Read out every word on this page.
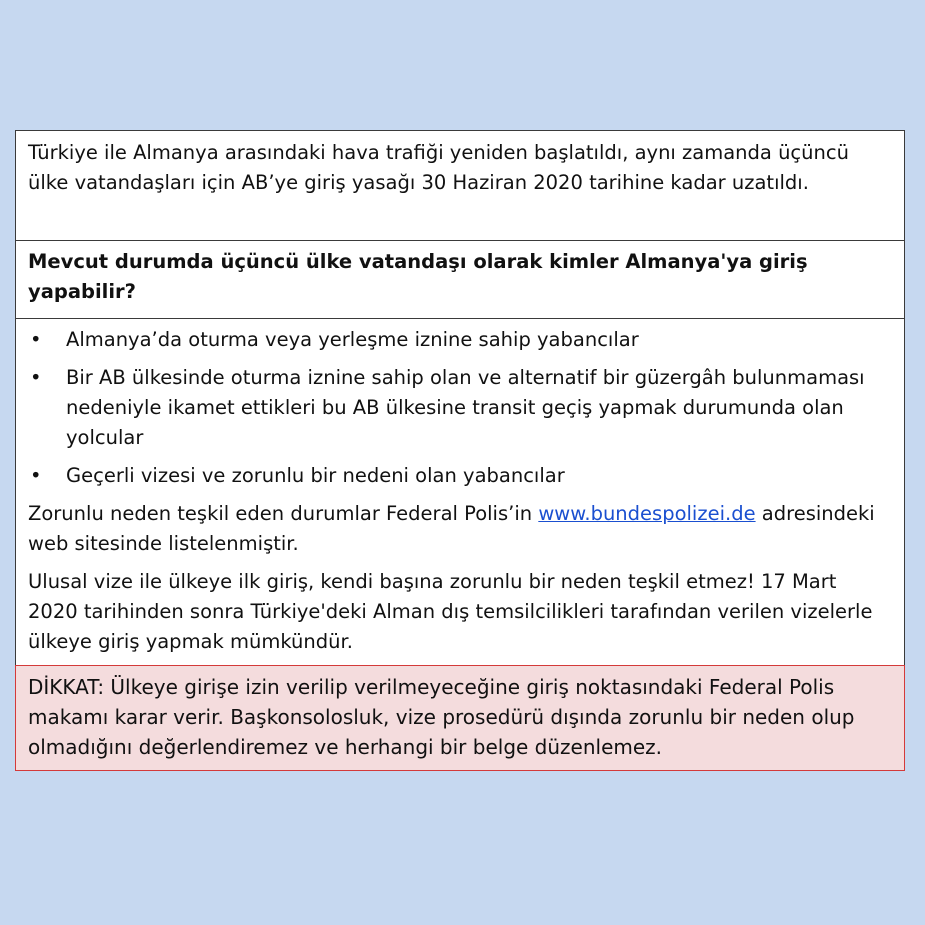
Türkiye ile Almanya arasındaki hava trafiği yeniden başlatıldı, aynı zamanda üçüncü ülke vatandaşları için AB’ye giriş yasağı 30 Haziran 2020 tarihine kadar uzatıldı.
Mevcut durumda üçüncü ülke vatandaşı olarak kimler Almanya'ya giriş yapabilir?
• Almanya’da oturma veya yerleşme iznine sahip yabancılar
• Bir AB ülkesinde oturma iznine sahip olan ve alternatif bir güzergâh bulunmaması nedeniyle ikamet ettikleri bu AB ülkesine transit geçiş yapmak durumunda olan yolcular
• Geçerli vizesi ve zorunlu bir nedeni olan yabancılar

Zorunlu neden teşkil eden durumlar Federal Polis’in www.bundespolizei.de adresindeki web sitesinde listelenmiştir.

Ulusal vize ile ülkeye ilk giriş, kendi başına zorunlu bir neden teşkil etmez! 17 Mart 2020 tarihinden sonra Türkiye'deki Alman dış temsilcilikleri tarafından verilen vizelerle ülkeye giriş yapmak mümkündür.

DİKKAT: Ülkeye girişe izin verilip verilmeyeceğine giriş noktasındaki Federal Polis makamı karar verir. Başkonsolosluk, vize prosedürü dışında zorunlu bir neden olup olmadığını değerlendiremez ve herhangi bir belge düzenlemez.
